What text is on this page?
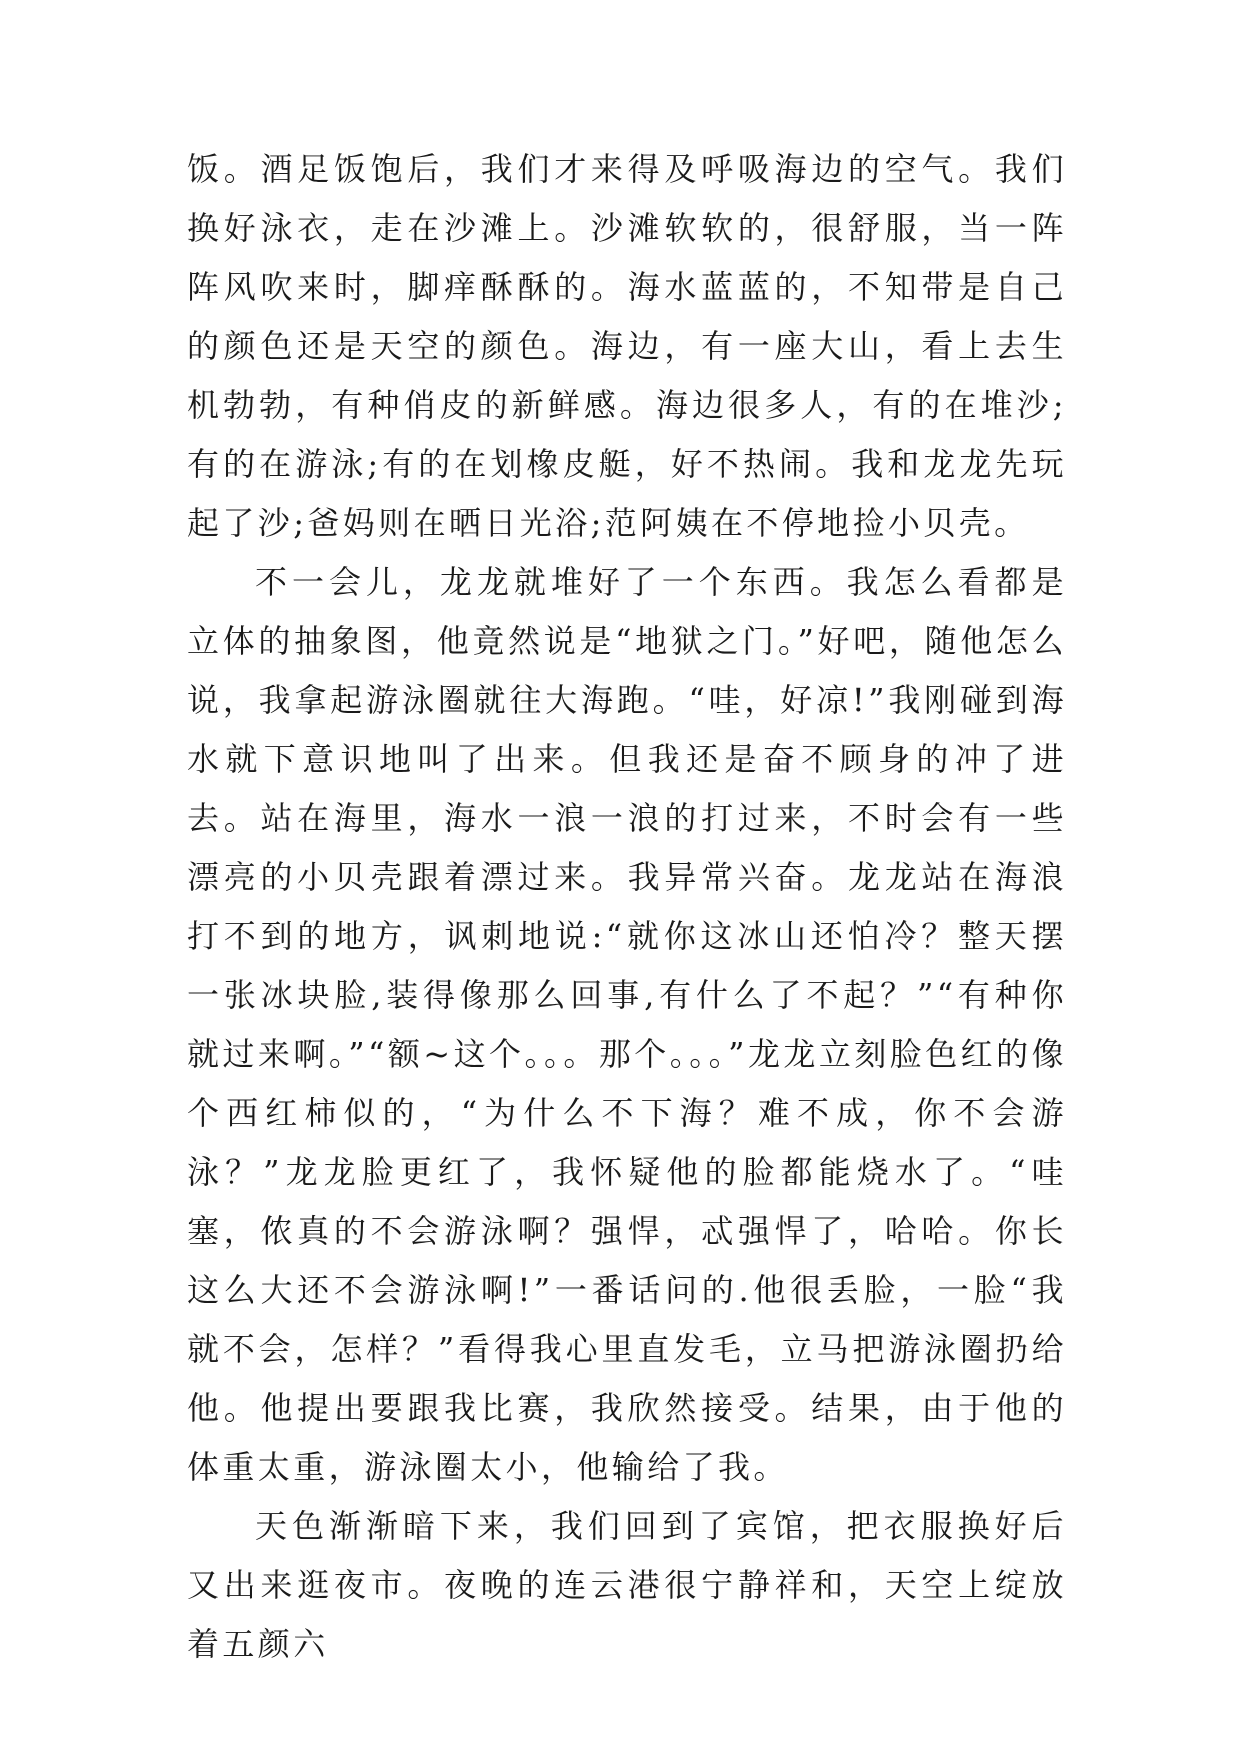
饭。酒足饭饱后，我们才来得及呼吸海边的空气。我们换好泳衣，走在沙滩上。沙滩软软的，很舒服，当一阵阵风吹来时，脚痒酥酥的。海水蓝蓝的，不知带是自己的颜色还是天空的颜色。海边，有一座大山，看上去生机勃勃，有种俏皮的新鲜感。海边很多人，有的在堆沙;有的在游泳;有的在划橡皮艇，好不热闹。我和龙龙先玩起了沙;爸妈则在晒日光浴;范阿姨在不停地捡小贝壳。

不一会儿，龙龙就堆好了一个东西。我怎么看都是立体的抽象图，他竟然说是“地狱之门。”好吧，随他怎么说，我拿起游泳圈就往大海跑。“哇，好凉!”我刚碰到海水就下意识地叫了出来。但我还是奋不顾身的冲了进去。站在海里，海水一浪一浪的打过来，不时会有一些漂亮的小贝壳跟着漂过来。我异常兴奋。龙龙站在海浪打不到的地方，讽刺地说:“就你这冰山还怕冷？整天摆一张冰块脸,装得像那么回事,有什么了不起？”“有种你就过来啊。”“额~这个。。。那个。。。”龙龙立刻脸色红的像个西红柿似的，“为什么不下海？难不成，你不会游泳？”龙龙脸更红了，我怀疑他的脸都能烧水了。“哇塞，侬真的不会游泳啊？强悍，忒强悍了，哈哈。你长这么大还不会游泳啊!”一番话问的.他很丢脸，一脸“我就不会，怎样？”看得我心里直发毛，立马把游泳圈扔给他。他提出要跟我比赛，我欣然接受。结果，由于他的体重太重，游泳圈太小，他输给了我。

天色渐渐暗下来，我们回到了宾馆，把衣服换好后又出来逛夜市。夜晚的连云港很宁静祥和，天空上绽放着五颜六
